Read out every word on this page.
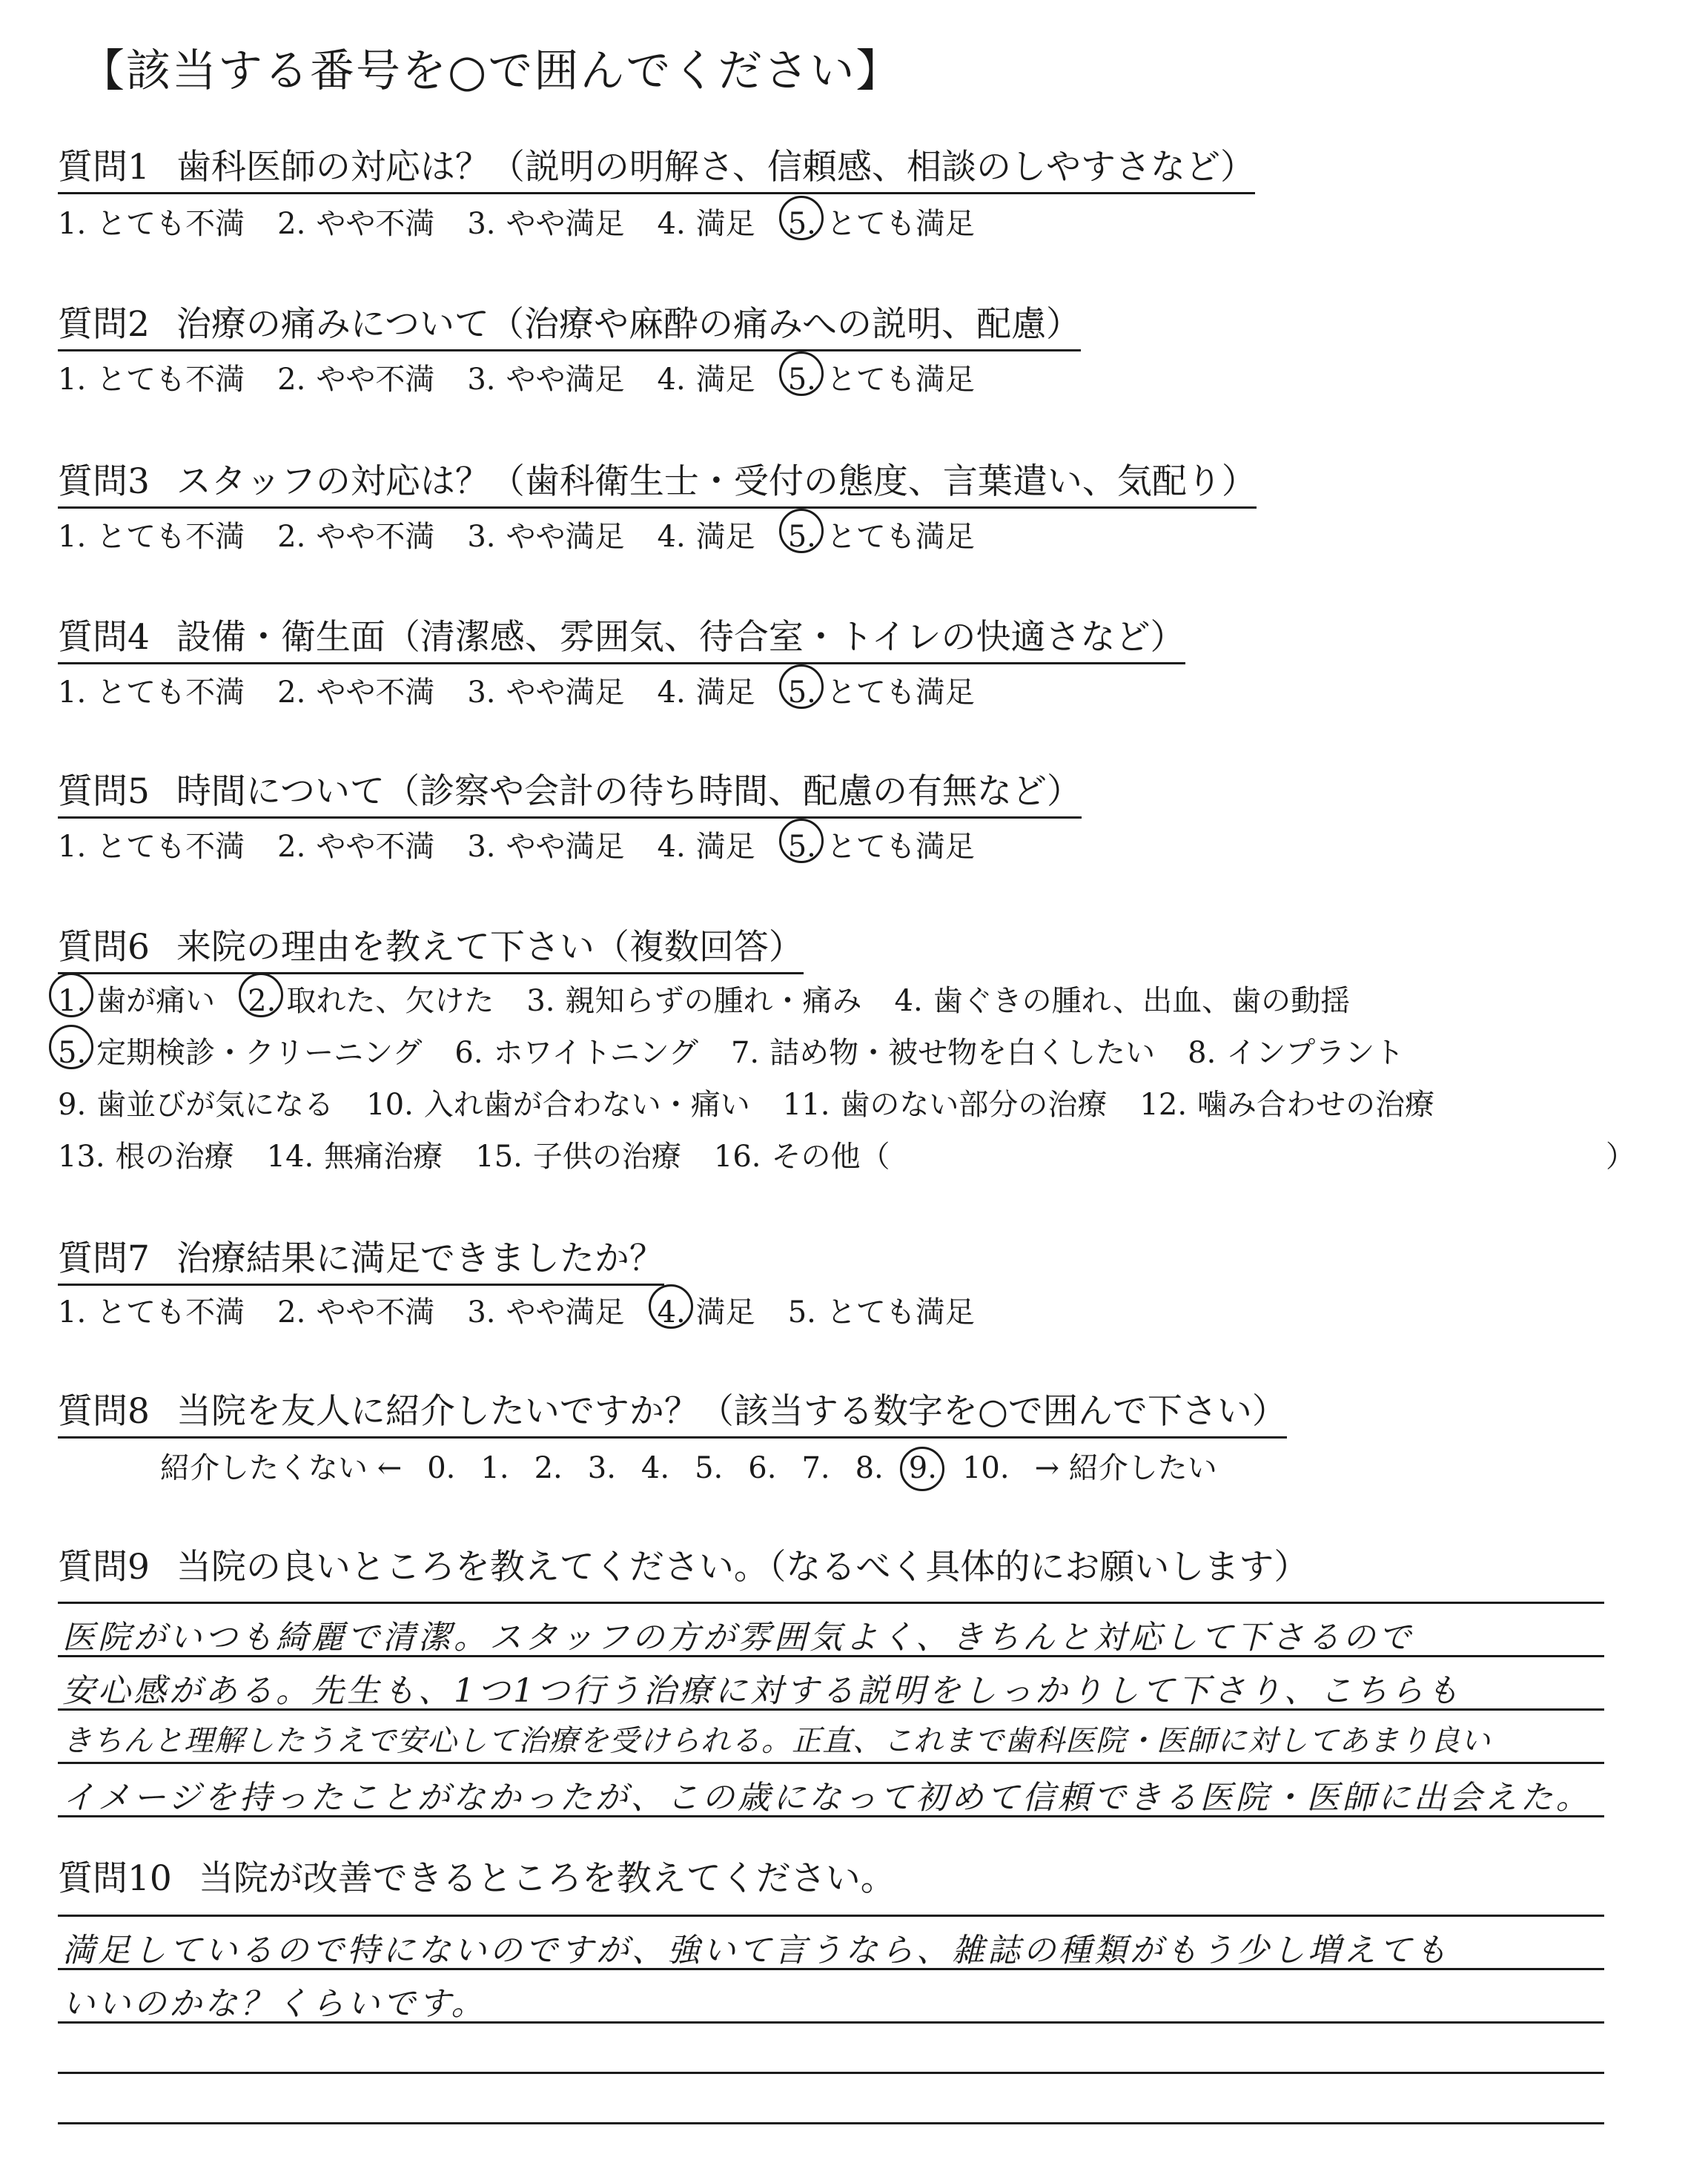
【該当する番号を○で囲んでください】
質問1 歯科医師の対応は？（説明の明解さ、信頼感、相談のしやすさなど）
1. とても不満 2. やや不満 3. やや満足 4. 満足 5. とても満足
質問2 治療の痛みについて（治療や麻酔の痛みへの説明、配慮）
1. とても不満 2. やや不満 3. やや満足 4. 満足 5. とても満足
質問3 スタッフの対応は？（歯科衛生士・受付の態度、言葉遣い、気配り）
1. とても不満 2. やや不満 3. やや満足 4. 満足 5. とても満足
質問4 設備・衛生面（清潔感、雰囲気、待合室・トイレの快適さなど）
1. とても不満 2. やや不満 3. やや満足 4. 満足 5. とても満足
質問5 時間について（診察や会計の待ち時間、配慮の有無など）
1. とても不満 2. やや不満 3. やや満足 4. 満足 5. とても満足
質問6 来院の理由を教えて下さい（複数回答）
1. 歯が痛い 2. 取れた、欠けた 3. 親知らずの腫れ・痛み 4. 歯ぐきの腫れ、出血、歯の動揺
5. 定期検診・クリーニング 6. ホワイトニング 7. 詰め物・被せ物を白くしたい 8. インプラント
9. 歯並びが気になる 10. 入れ歯が合わない・痛い 11. 歯のない部分の治療 12. 噛み合わせの治療
13. 根の治療 14. 無痛治療 15. 子供の治療 16. その他（	）
質問7 治療結果に満足できましたか？
1. とても不満 2. やや不満 3. やや満足 4. 満足 5. とても満足
質問8 当院を友人に紹介したいですか？（該当する数字を○で囲んで下さい）
紹介したくない ← 0. 1. 2. 3. 4. 5. 6. 7. 8. 9. 10. → 紹介したい
質問9 当院の良いところを教えてください。（なるべく具体的にお願いします）
医院がいつも綺麗で清潔。スタッフの方が雰囲気よく、きちんと対応して下さるので
安心感がある。先生も、1つ1つ行う治療に対する説明をしっかりして下さり、こちらも
きちんと理解したうえで安心して治療を受けられる。正直、これまで歯科医院・医師に対してあまり良い
イメージを持ったことがなかったが、この歳になって初めて信頼できる医院・医師に出会えた。
質問10 当院が改善できるところを教えてください。
満足しているので特にないのですが、強いて言うなら、雑誌の種類がもう少し増えても
いいのかな？くらいです。
